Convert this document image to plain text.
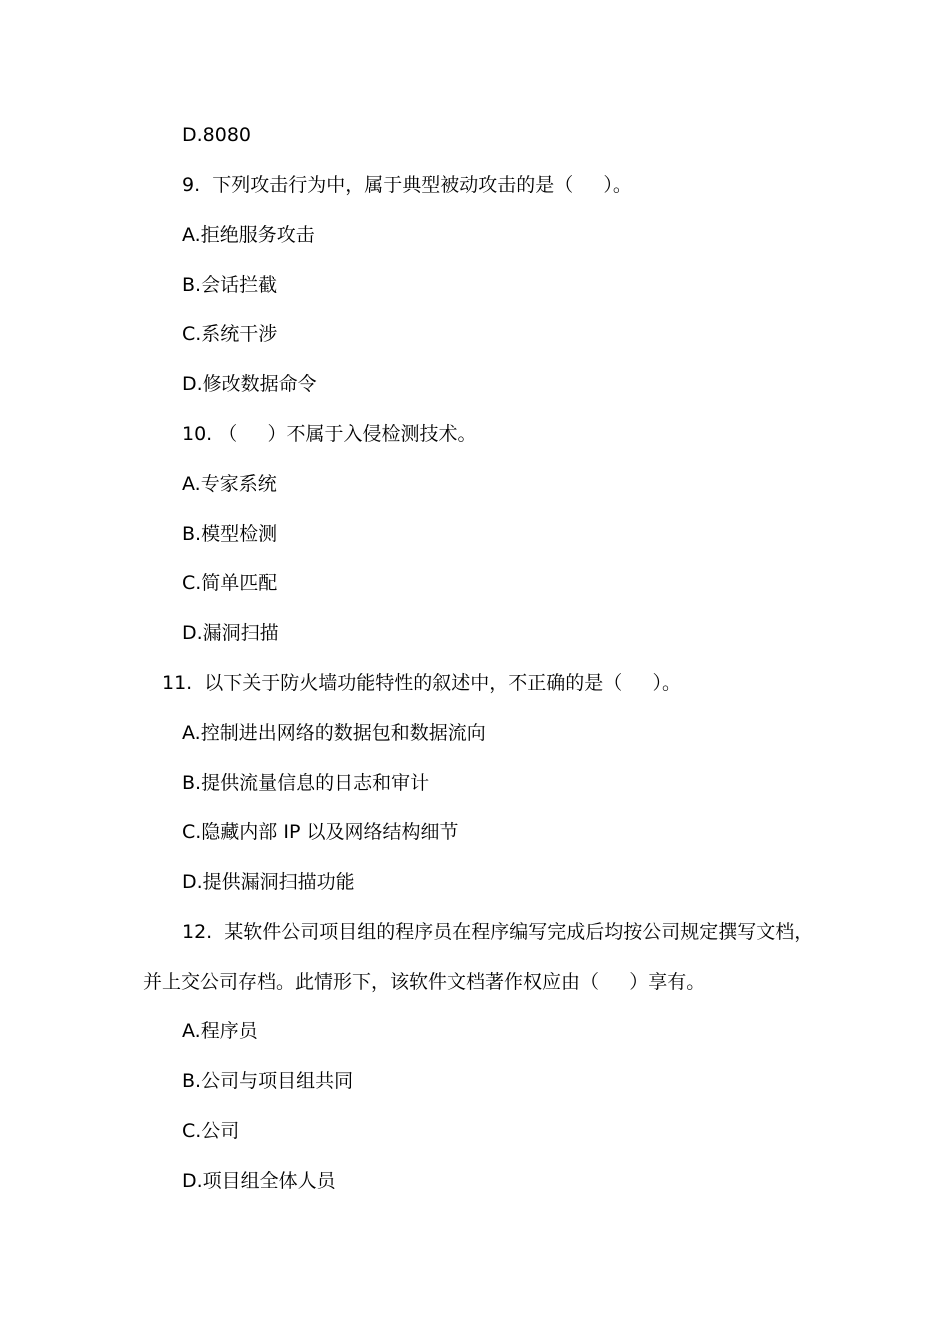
D.8080
9.  下列攻击行为中，属于典型被动攻击的是（     ）。
A.拒绝服务攻击
B.会话拦截
C.系统干涉
D.修改数据命令
10. （     ）不属于入侵检测技术。
A.专家系统
B.模型检测
C.简单匹配
D.漏洞扫描
11.  以下关于防火墙功能特性的叙述中，不正确的是（     ）。
A.控制进出网络的数据包和数据流向
B.提供流量信息的日志和审计
C.隐藏内部 IP 以及网络结构细节
D.提供漏洞扫描功能
12.  某软件公司项目组的程序员在程序编写完成后均按公司规定撰写文档，
并上交公司存档。此情形下，该软件文档著作权应由（     ）享有。
A.程序员
B.公司与项目组共同
C.公司
D.项目组全体人员
